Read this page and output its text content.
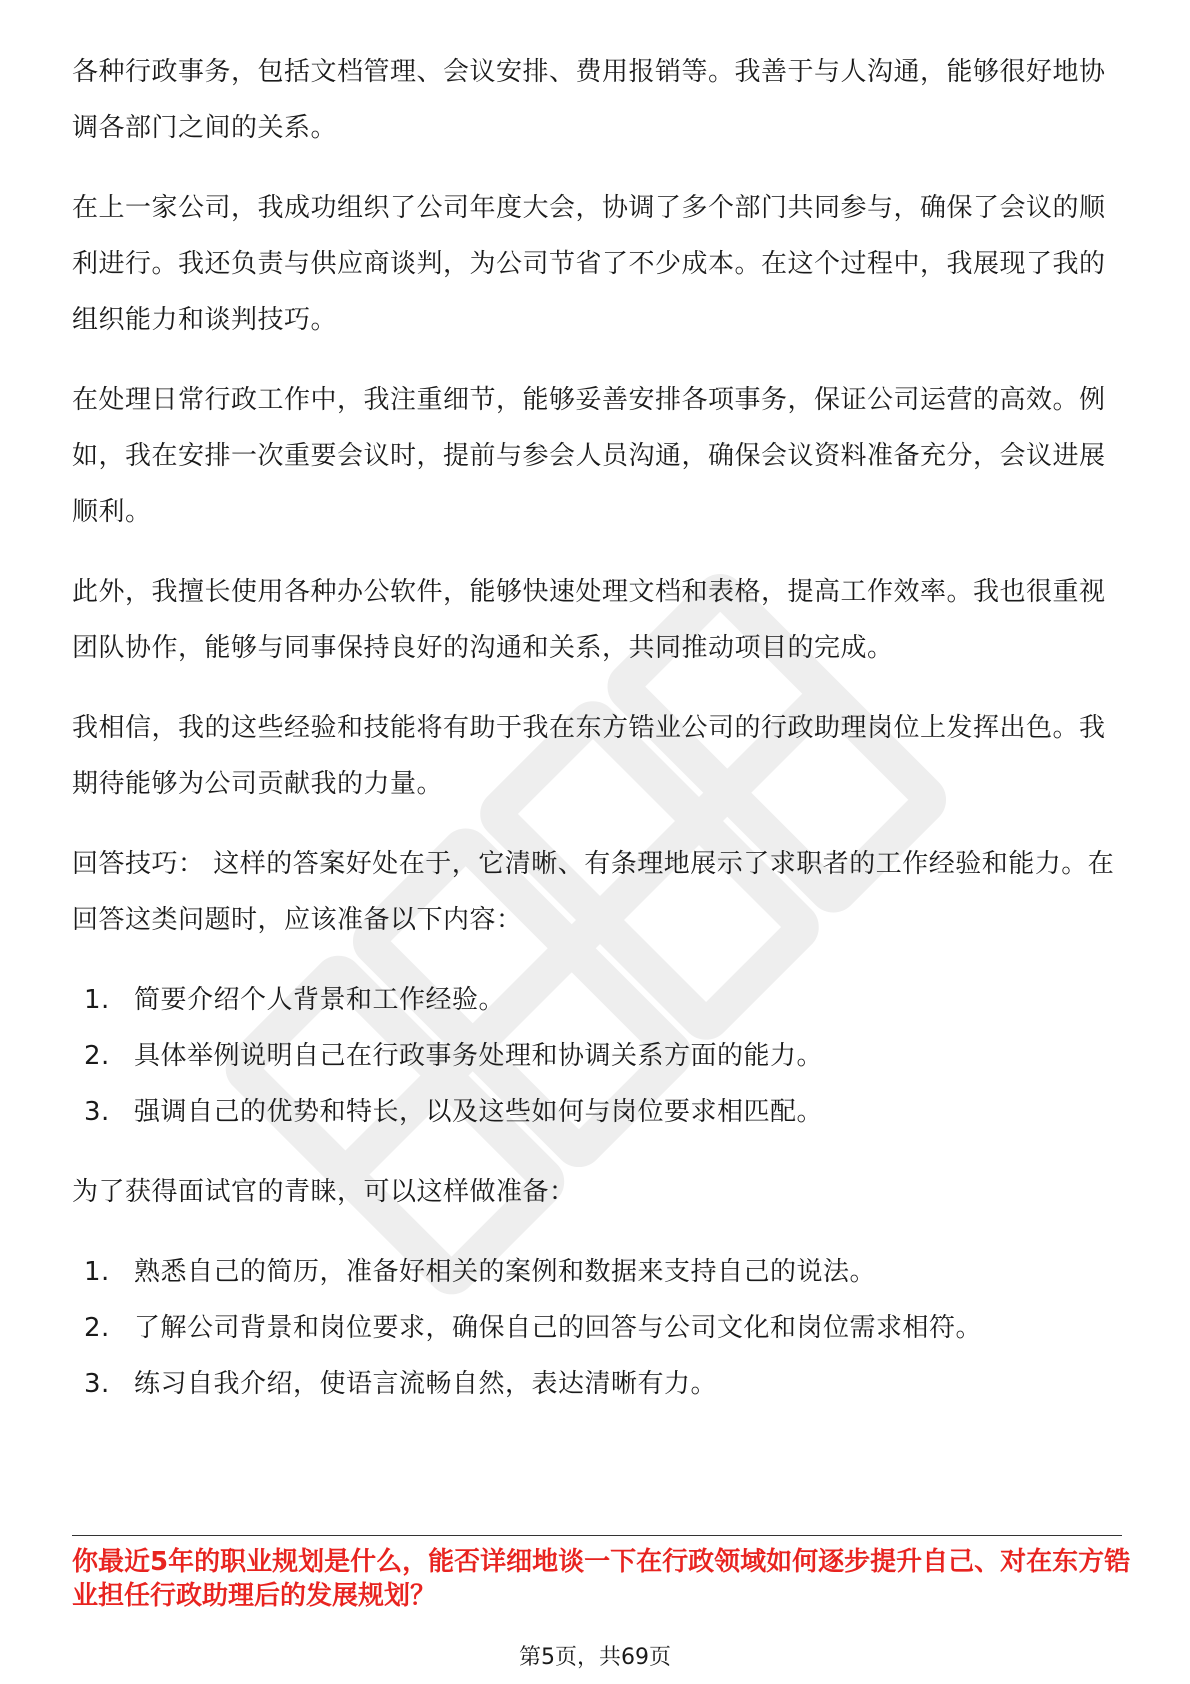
各种行政事务，包括文档管理、会议安排、费用报销等。我善于与人沟通，能够很好地协调各部门之间的关系。

在上一家公司，我成功组织了公司年度大会，协调了多个部门共同参与，确保了会议的顺利进行。我还负责与供应商谈判，为公司节省了不少成本。在这个过程中，我展现了我的组织能力和谈判技巧。

在处理日常行政工作中，我注重细节，能够妥善安排各项事务，保证公司运营的高效。例如，我在安排一次重要会议时，提前与参会人员沟通，确保会议资料准备充分，会议进展顺利。

此外，我擅长使用各种办公软件，能够快速处理文档和表格，提高工作效率。我也很重视团队协作，能够与同事保持良好的沟通和关系，共同推动项目的完成。

我相信，我的这些经验和技能将有助于我在东方锆业公司的行政助理岗位上发挥出色。我期待能够为公司贡献我的力量。

回答技巧： 这样的答案好处在于，它清晰、有条理地展示了求职者的工作经验和能力。在回答这类问题时，应该准备以下内容：

1. 简要介绍个人背景和工作经验。
2. 具体举例说明自己在行政事务处理和协调关系方面的能力。
3. 强调自己的优势和特长，以及这些如何与岗位要求相匹配。

为了获得面试官的青睐，可以这样做准备：

1. 熟悉自己的简历，准备好相关的案例和数据来支持自己的说法。
2. 了解公司背景和岗位要求，确保自己的回答与公司文化和岗位需求相符。
3. 练习自我介绍，使语言流畅自然，表达清晰有力。

你最近5年的职业规划是什么，能否详细地谈一下在行政领域如何逐步提升自己、对在东方锆业担任行政助理后的发展规划？

第5页，共69页
